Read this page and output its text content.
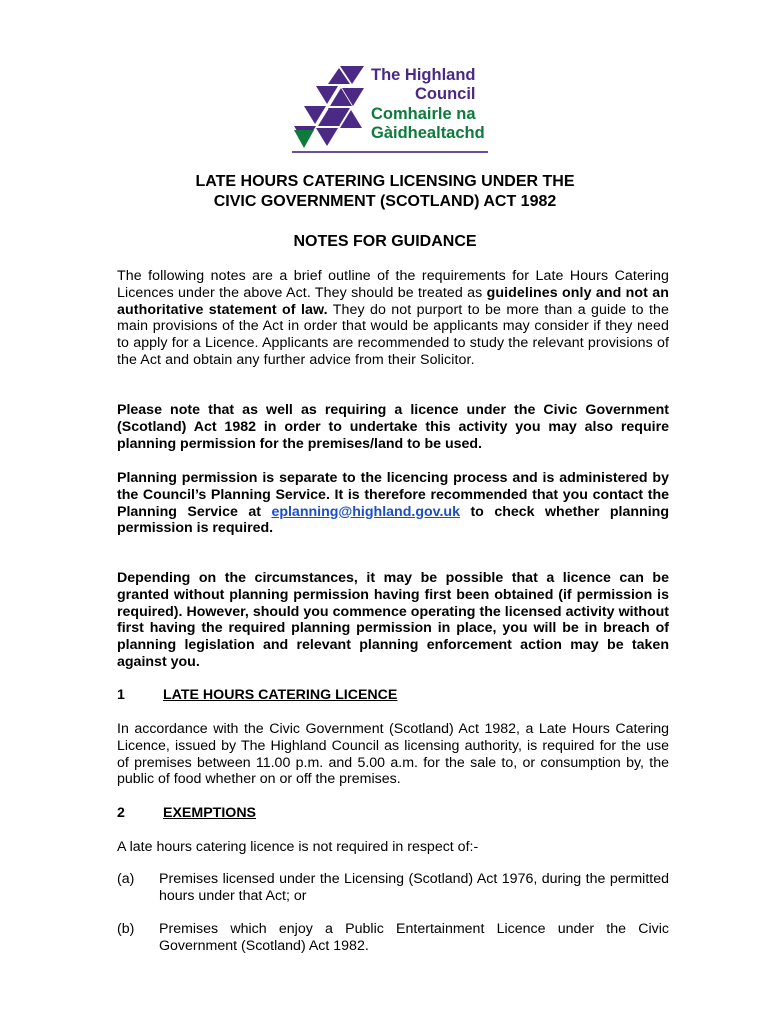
The Highland
Council
Comhairle na
Gàidhealtachd
LATE HOURS CATERING LICENSING UNDER THE
CIVIC GOVERNMENT (SCOTLAND) ACT 1982
NOTES FOR GUIDANCE
The following notes are a brief outline of the requirements for Late Hours Catering Licences under the above Act. They should be treated as guidelines only and not an authoritative statement of law. They do not purport to be more than a guide to the main provisions of the Act in order that would be applicants may consider if they need to apply for a Licence. Applicants are recommended to study the relevant provisions of the Act and obtain any further advice from their Solicitor.
Please note that as well as requiring a licence under the Civic Government (Scotland) Act 1982 in order to undertake this activity you may also require planning permission for the premises/land to be used.
Planning permission is separate to the licencing process and is administered by the Council’s Planning Service. It is therefore recommended that you contact the Planning Service at eplanning@highland.gov.uk to check whether planning permission is required.
Depending on the circumstances, it may be possible that a licence can be granted without planning permission having first been obtained (if permission is required). However, should you commence operating the licensed activity without first having the required planning permission in place, you will be in breach of planning legislation and relevant planning enforcement action may be taken against you.
1	LATE HOURS CATERING LICENCE
In accordance with the Civic Government (Scotland) Act 1982, a Late Hours Catering Licence, issued by The Highland Council as licensing authority, is required for the use of premises between 11.00 p.m. and 5.00 a.m. for the sale to, or consumption by, the public of food whether on or off the premises.
2	EXEMPTIONS
A late hours catering licence is not required in respect of:-
(a) Premises licensed under the Licensing (Scotland) Act 1976, during the permitted hours under that Act; or
(b) Premises which enjoy a Public Entertainment Licence under the Civic Government (Scotland) Act 1982.
